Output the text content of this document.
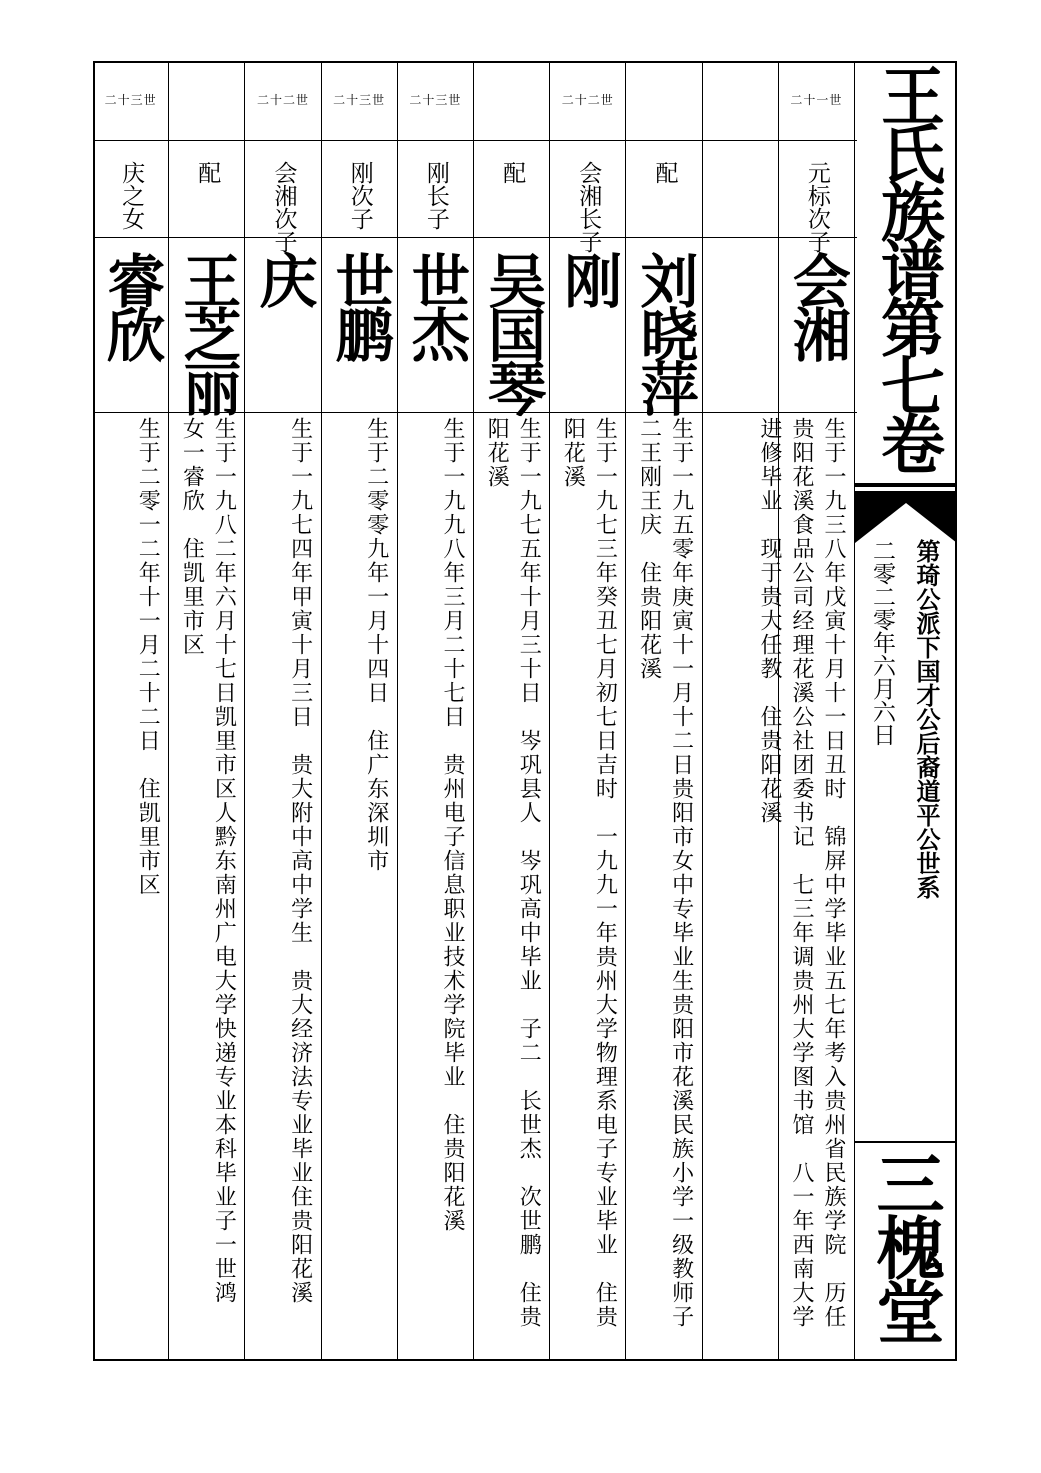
二十一世
元标次子
会湘
生于一九三八年戊寅十月十一日丑时　锦屏中学毕业五七年考入贵州省民族学院　历任贵阳花溪食品公司经理花溪公社团委书记　七三年调贵州大学图书馆　八一年西南大学进修毕业　现于贵大任教　住贵阳花溪
配
刘晓萍
生于一九五零年庚寅十一月十二日贵阳市女中专毕业生贵阳市花溪民族小学一级教师子二王刚王庆　住贵阳花溪
二十二世
会湘长子
刚
生于一九七三年癸丑七月初七日吉时　一九九一年贵州大学物理系电子专业毕业　住贵阳花溪
配
吴国琴
生于一九七五年十月三十日　岑巩县人　岑巩高中毕业　子二　长世杰　次世鹏　住贵阳花溪
二十三世
刚长子
世杰
生于一九九八年三月二十七日　贵州电子信息职业技术学院毕业　住贵阳花溪
二十三世
刚次子
世鹏
生于二零零九年一月十四日　住广东深圳市
二十二世
会湘次子
庆
生于一九七四年甲寅十月三日　贵大附中高中学生　贵大经济法专业毕业住贵阳花溪
配
王芝丽
生于一九八二年六月十七日凯里市区人黔东南州广电大学快递专业本科毕业子一世鸿　女一睿欣　住凯里市区
二十三世
庆之女
睿欣
生于二零一二年十一月二十二日　住凯里市区
王氏族谱第七卷
第琦公派下国才公后裔道平公世系
二零二零年六月六日
三槐堂
